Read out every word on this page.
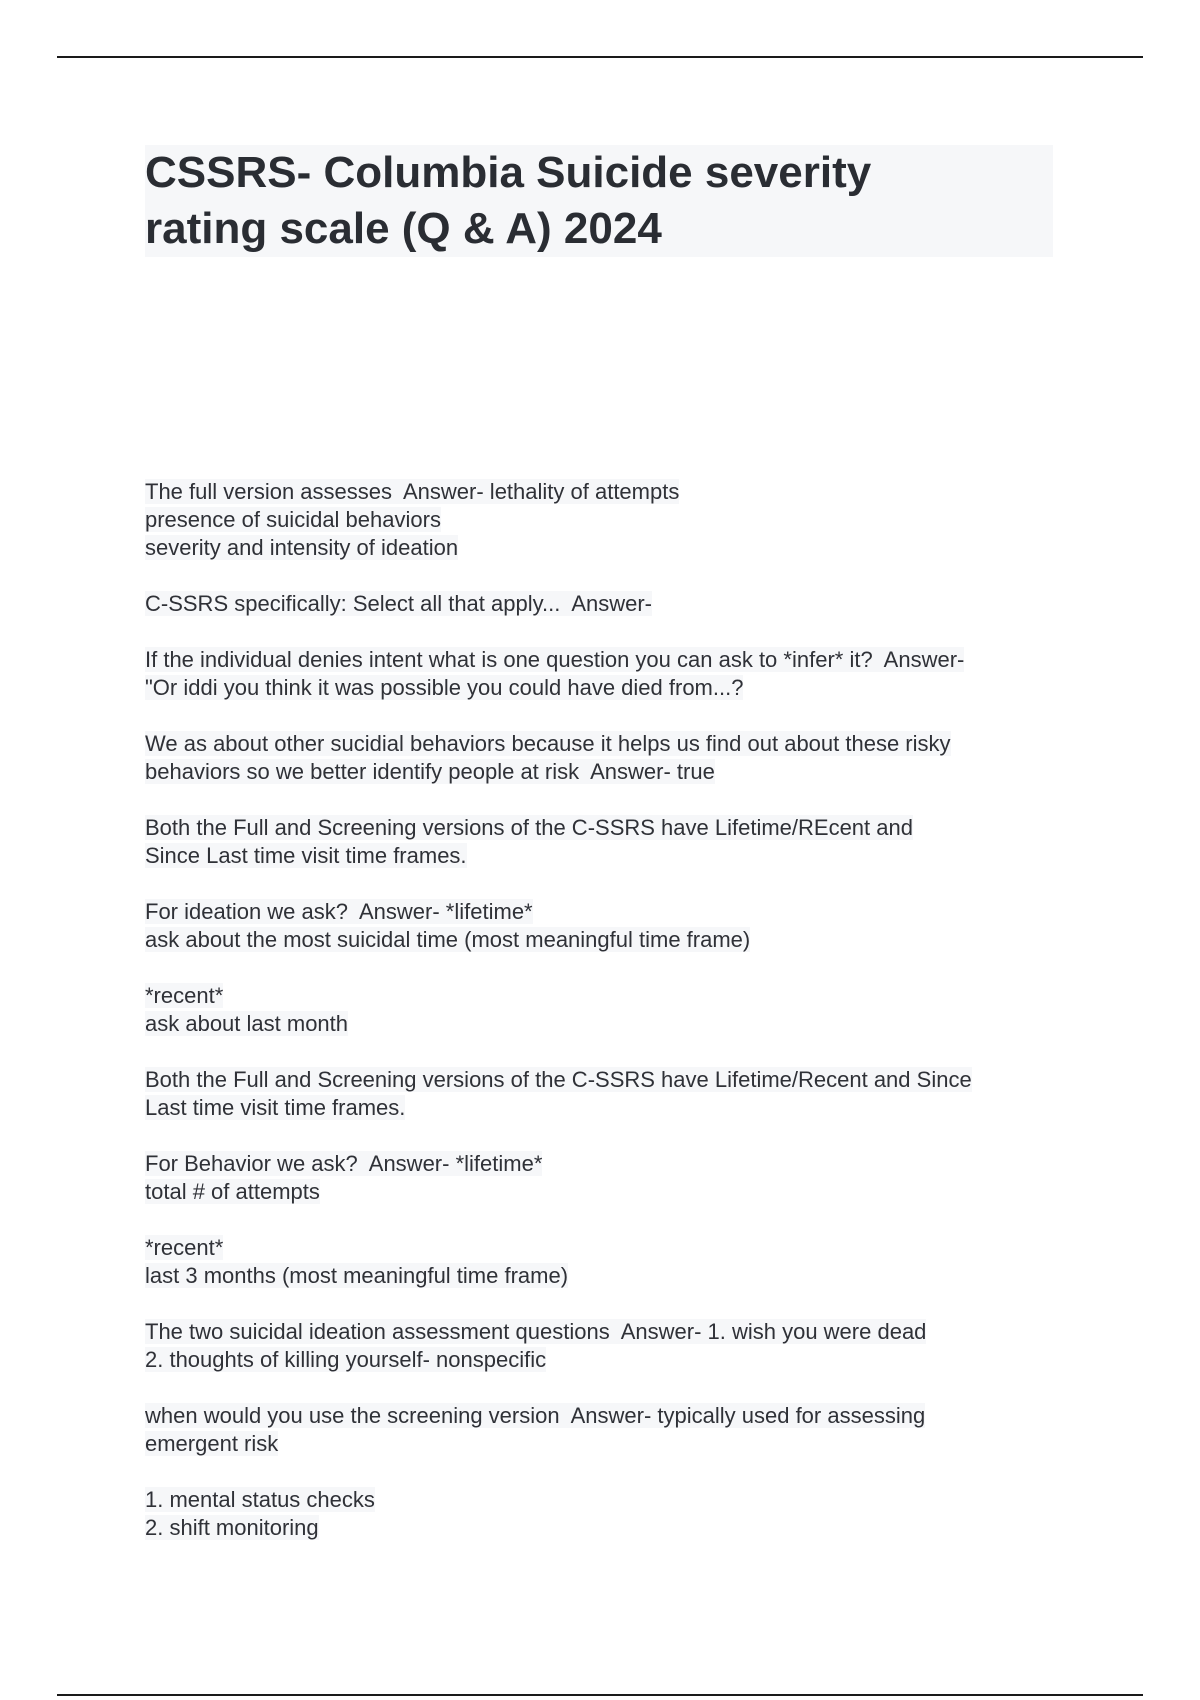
CSSRS- Columbia Suicide severity
rating scale (Q & A) 2024
The full version assesses  Answer- lethality of attempts
presence of suicidal behaviors
severity and intensity of ideation
C-SSRS specifically: Select all that apply...  Answer-
If the individual denies intent what is one question you can ask to *infer* it?  Answer-
"Or iddi you think it was possible you could have died from...?
We as about other sucidial behaviors because it helps us find out about these risky
behaviors so we better identify people at risk  Answer- true
Both the Full and Screening versions of the C-SSRS have Lifetime/REcent and
Since Last time visit time frames.
For ideation we ask?  Answer- *lifetime*
ask about the most suicidal time (most meaningful time frame)
*recent*
ask about last month
Both the Full and Screening versions of the C-SSRS have Lifetime/Recent and Since
Last time visit time frames.
For Behavior we ask?  Answer- *lifetime*
total # of attempts
*recent*
last 3 months (most meaningful time frame)
The two suicidal ideation assessment questions  Answer- 1. wish you were dead
2. thoughts of killing yourself- nonspecific
when would you use the screening version  Answer- typically used for assessing
emergent risk
1. mental status checks
2. shift monitoring
